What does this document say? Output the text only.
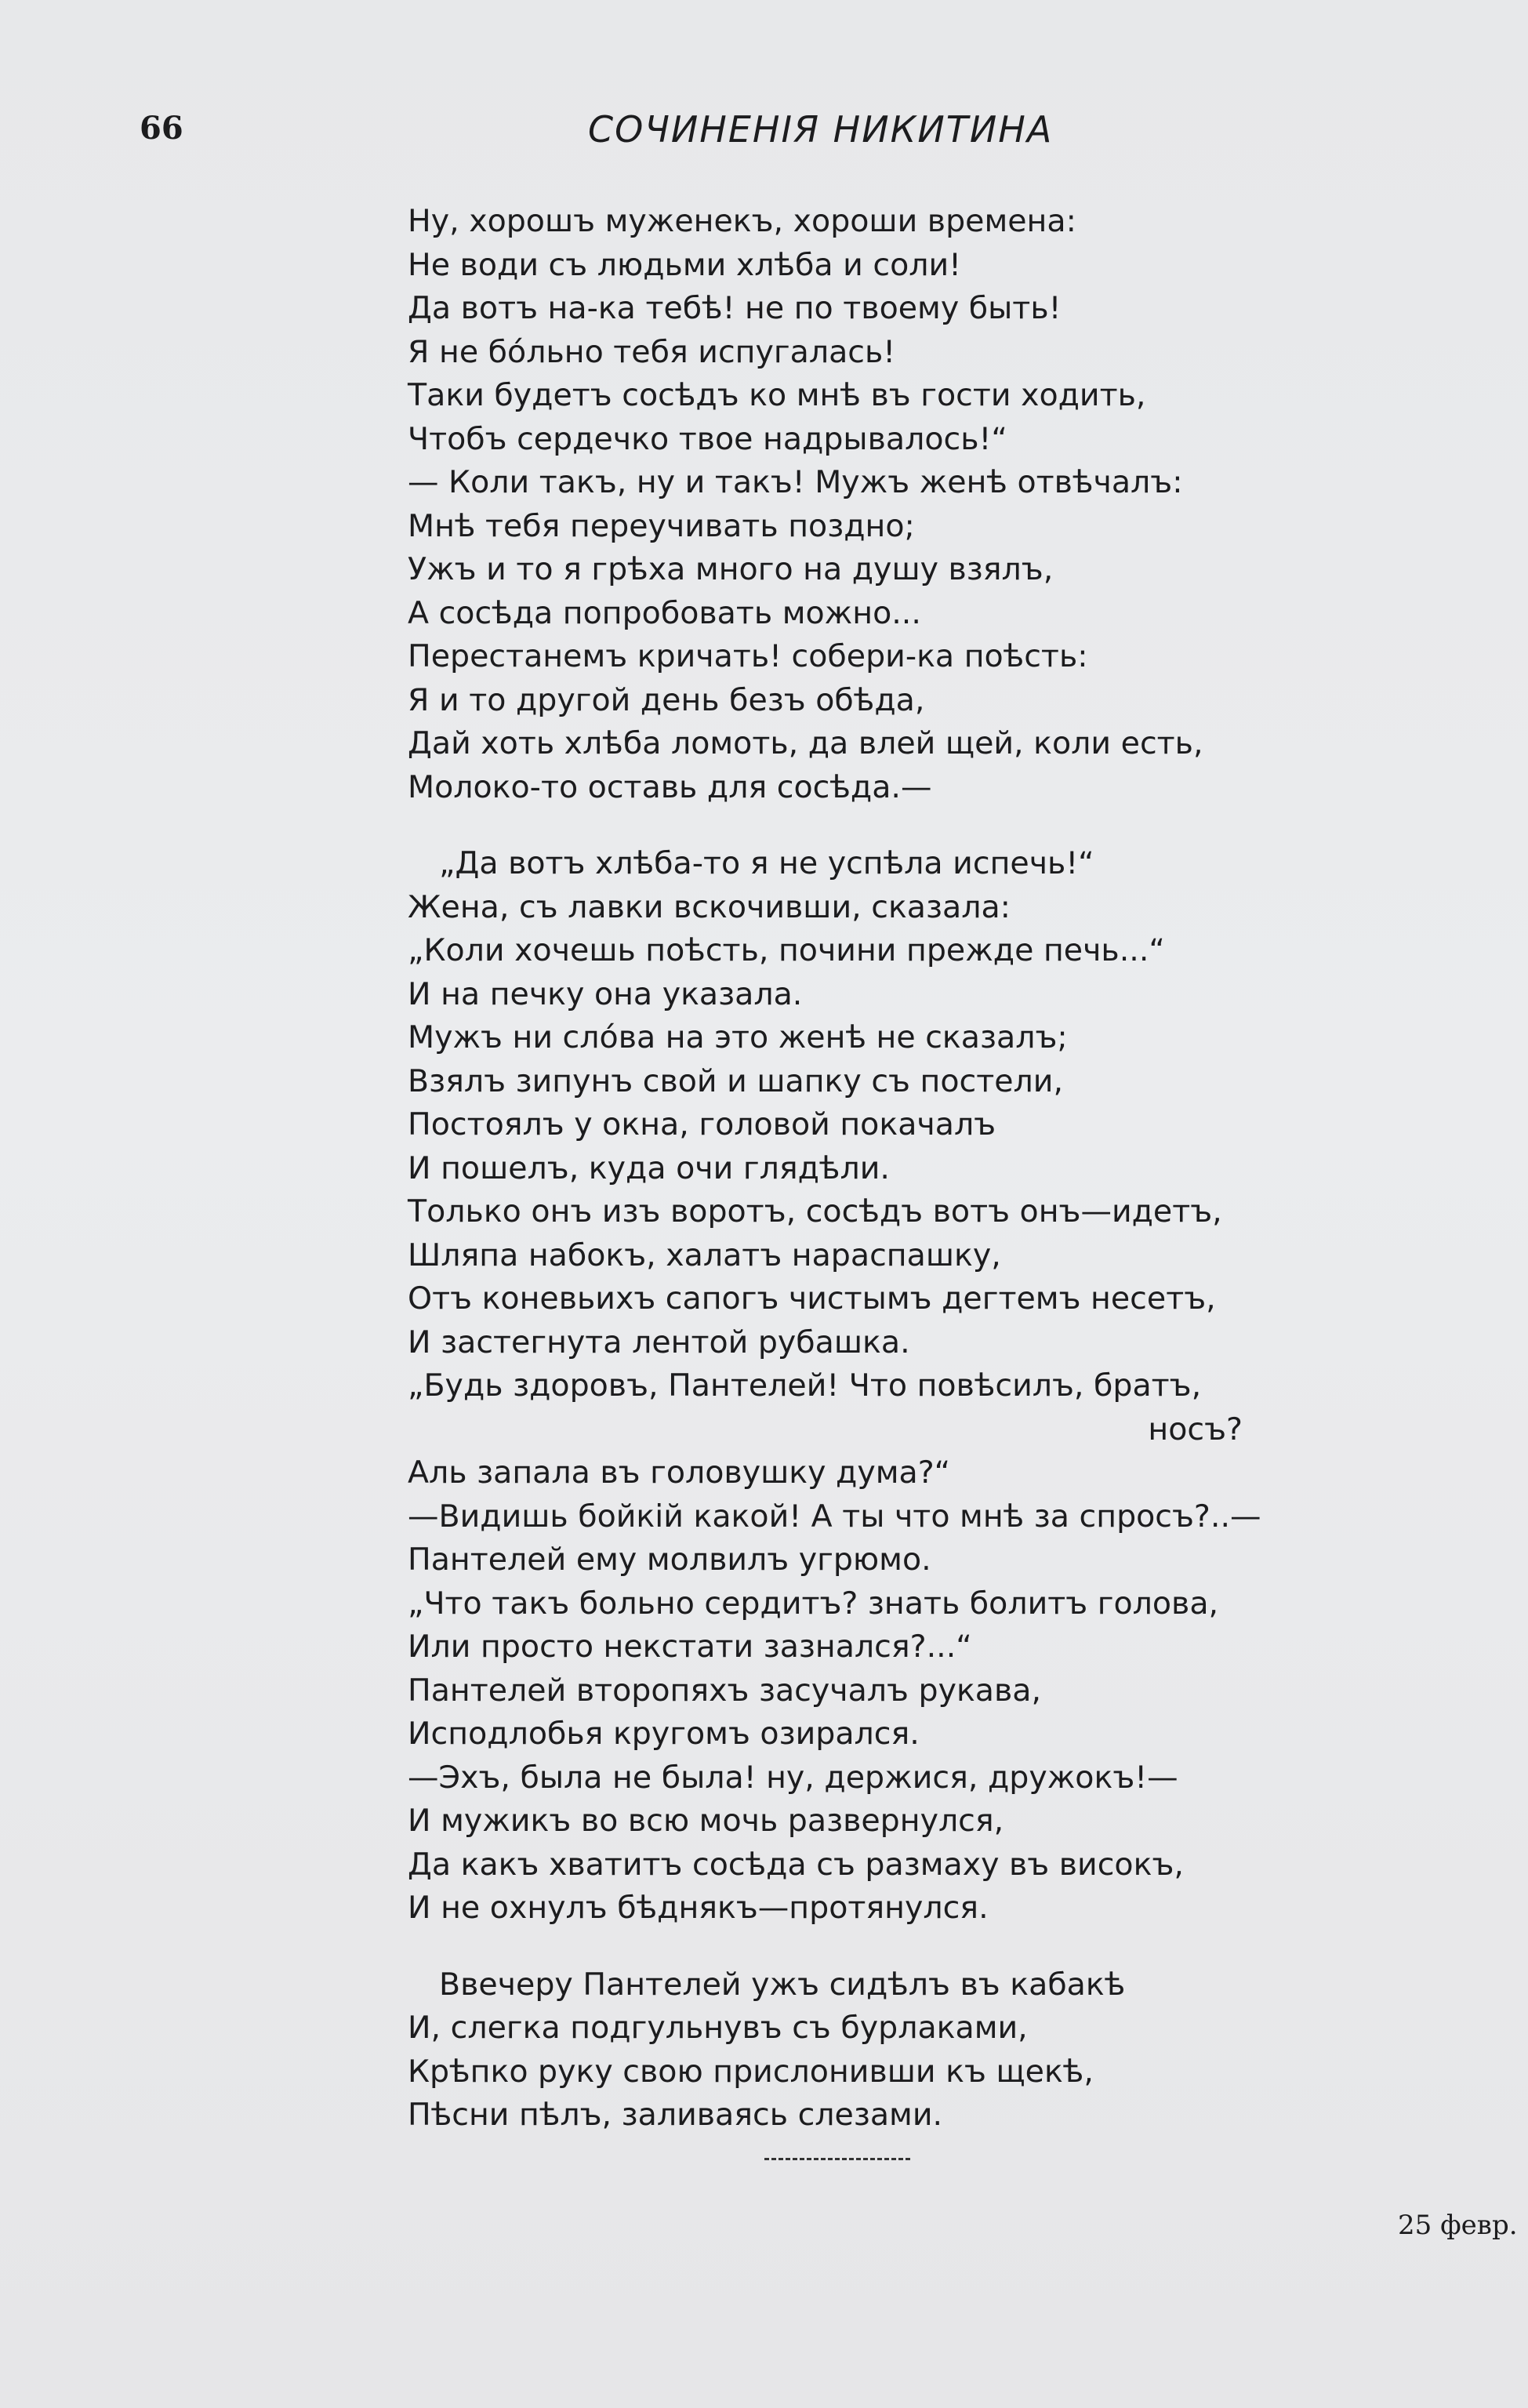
66	СОЧИНЕНІЯ НИКИТИНА
Ну, хорошъ муженекъ, хороши времена:
Не води съ людьми хлѣба и соли!
Да вотъ на-ка тебѣ! не по твоему быть!
Я не бо́льно тебя испугалась!
Таки будетъ сосѣдъ ко мнѣ въ гости ходить,
Чтобъ сердечко твое надрывалось!“
— Коли такъ, ну и такъ! Мужъ женѣ отвѣчалъ:
Мнѣ тебя переучивать поздно;
Ужъ и то я грѣха много на душу взялъ,
А сосѣда попробовать можно...
Перестанемъ кричать! собери-ка поѣсть:
Я и то другой день безъ обѣда,
Дай хоть хлѣба ломоть, да влей щей, коли есть,
Молоко-то оставь для сосѣда.—
„Да вотъ хлѣба-то я не успѣла испечь!“
Жена, съ лавки вскочивши, сказала:
„Коли хочешь поѣсть, почини прежде печь...“
И на печку она указала.
Мужъ ни сло́ва на это женѣ не сказалъ;
Взялъ зипунъ свой и шапку съ постели,
Постоялъ у окна, головой покачалъ
И пошелъ, куда очи глядѣли.
Только онъ изъ воротъ, сосѣдъ вотъ онъ—идетъ,
Шляпа набокъ, халатъ нараспашку,
Отъ коневьихъ сапогъ чистымъ дегтемъ несетъ,
И застегнута лентой рубашка.
„Будь здоровъ, Пантелей! Что повѣсилъ, братъ,
носъ?
Аль запала въ головушку дума?“
—Видишь бойкій какой! А ты что мнѣ за спросъ?..—
Пантелей ему молвилъ угрюмо.
„Что такъ больно сердитъ? знать болитъ голова,
Или просто некстати зазнался?...“
Пантелей второпяхъ засучалъ рукава,
Исподлобья кругомъ озирался.
—Эхъ, была не была! ну, держися, дружокъ!—
И мужикъ во всю мочь развернулся,
Да какъ хватитъ сосѣда съ размаху въ високъ,
И не охнулъ бѣднякъ—протянулся.
Ввечеру Пантелей ужъ сидѣлъ въ кабакѣ
И, слегка подгульнувъ съ бурлаками,
Крѣпко руку свою прислонивши къ щекѣ,
Пѣсни пѣлъ, заливаясь слезами.
25 февр.
